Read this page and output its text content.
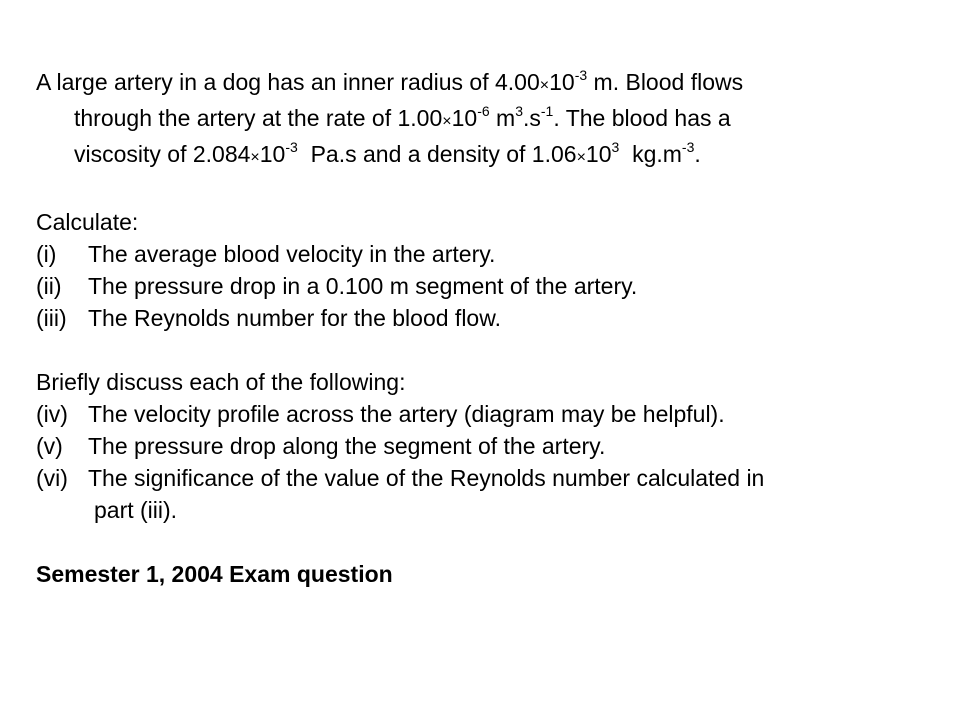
A large artery in a dog has an inner radius of $4.00\times 10^{-3}$ m. Blood flows
through the artery at the rate of $1.00\times 10^{-6}$ $m^3.s^{-1}$. The blood has a
viscosity of $2.084\times 10^{-3}$  Pa.s and a density of $1.06\times 10^3$  $kg.m^{-3}$.
Calculate:
(i)	The average blood velocity in the artery.
(ii)	The pressure drop in a 0.100 m segment of the artery.
(iii) The Reynolds number for the blood flow.
Briefly discuss each of the following:
(iv) The velocity profile across the artery (diagram may be helpful).
(v)	The pressure drop along the segment of the artery.
(vi) The significance of the value of the Reynolds number calculated in
part (iii).
Semester 1, 2004 Exam question
